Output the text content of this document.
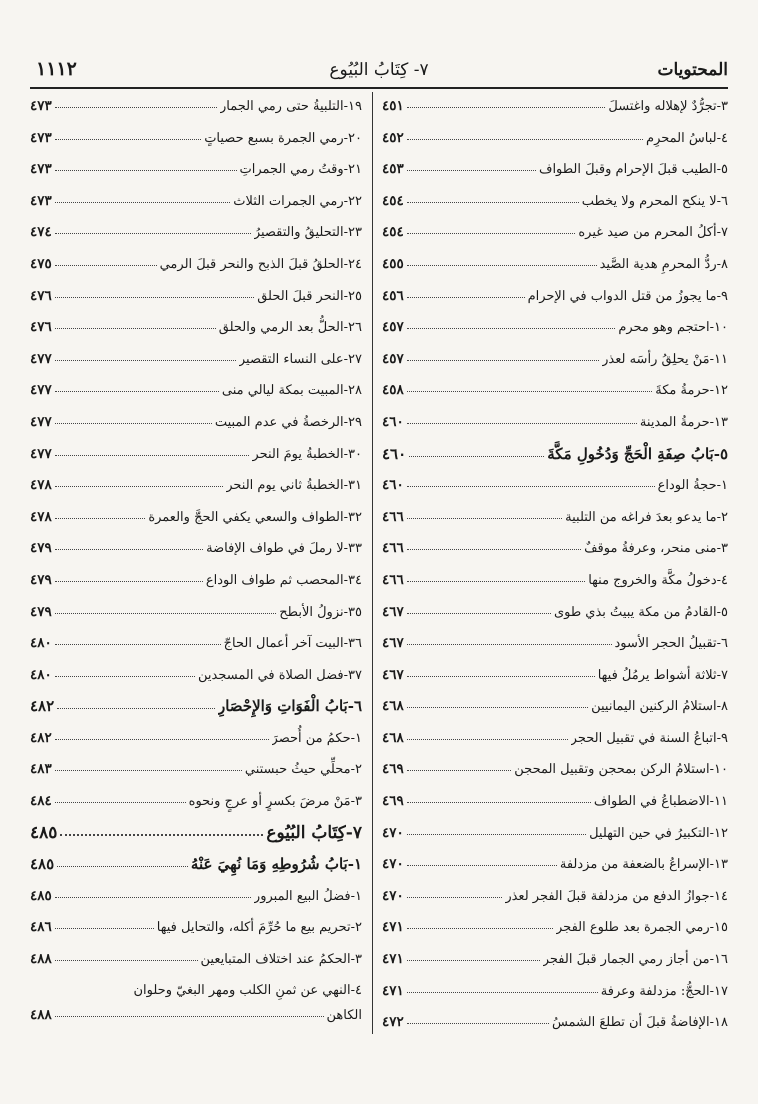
المحتويات
٧- كِتَابُ البُيُوع
١١١٢
٣-
تجرُّدٌ لإهلاله واغتسلَ
٤٥١
٤-
لباسُ المحرِم
٤٥٢
٥-
الطيب قبلَ الإحرام وقبلَ الطواف
٤٥٣
٦-
لا ينكح المحرم ولا يخطب
٤٥٤
٧-
أكلُ المحرم من صيد غيره
٤٥٤
٨-
ردُّ المحرمِ هدية الصَّيد
٤٥٥
٩-
ما يجوزُ من قتل الدواب في الإحرام
٤٥٦
١٠-
احتجم وهو محرم
٤٥٧
١١-
مَنْ يحلِقُ رأسَه لعذر
٤٥٧
١٢-
حرمةُ مكةَ
٤٥٨
١٣-
حرمةُ المدينة
٤٦٠
٥-
بَابُ صِفَةِ الْحَجِّ وَدُخُولِ مَكَّةَ
٤٦٠
١-
حجةُ الوداع
٤٦٠
٢-
ما يدعو بعدَ فراغه من التلبية
٤٦٦
٣-
منى منحر، وعرفةُ موقفٌ
٤٦٦
٤-
دخولُ مكَّة والخروج منها
٤٦٦
٥-
القادمُ من مكة يبيتُ بذي طوى
٤٦٧
٦-
تقبيلُ الحجر الأسود
٤٦٧
٧-
ثلاثة أشواط يرمُلُ فيها
٤٦٧
٨-
استلامُ الركنين اليمانيين
٤٦٨
٩-
اتباعُ السنة في تقبيل الحجر
٤٦٨
١٠-
استلامُ الركن بمحجن وتقبيل المحجن
٤٦٩
١١-
الاضطباعُ في الطواف
٤٦٩
١٢-
التكبيرُ في حين التهليل
٤٧٠
١٣-
الإسراعُ بالضعفة من مزدلفة
٤٧٠
١٤-
جوازُ الدفع من مزدلفة قبلَ الفجر لعذر
٤٧٠
١٥-
رمي الجمرة بعد طلوع الفجر
٤٧١
١٦-
من أجاز رمي الجمار قبلَ الفجر
٤٧١
١٧-
الحجُّ: مزدلفة وعرفة
٤٧١
١٨-
الإفاضةُ قبلَ أن تطلعَ الشمسُ
٤٧٢
١٩-
التلبيةُ حتى رمي الجمار
٤٧٣
٢٠-
رمي الجمرة بسبع حصياتٍ
٤٧٣
٢١-
وقتُ رمي الجمراتِ
٤٧٣
٢٢-
رمي الجمرات الثلاث
٤٧٣
٢٣-
التحليقُ والتقصيرُ
٤٧٤
٢٤-
الحلقُ قبلَ الذبح والنحر قبلَ الرمي
٤٧٥
٢٥-
النحر قبلَ الحلق
٤٧٦
٢٦-
الحلُّ بعد الرمي والحلق
٤٧٦
٢٧-
على النساء التقصير
٤٧٧
٢٨-
المبيت بمكة ليالي منى
٤٧٧
٢٩-
الرخصةُ في عدم المبيت
٤٧٧
٣٠-
الخطبةُ يومَ النحر
٤٧٧
٣١-
الخطبةُ ثاني يوم النحر
٤٧٨
٣٢-
الطواف والسعي يكفي الحجَّ والعمرة
٤٧٨
٣٣-
لا رملَ في طواف الإفاضة
٤٧٩
٣٤-
المحصب ثم طواف الوداع
٤٧٩
٣٥-
نزولُ الأبطح
٤٧٩
٣٦-
البيت آخر أعمال الحاجّ
٤٨٠
٣٧-
فضل الصلاة في المسجدين
٤٨٠
٦-
بَابُ الْفَوَاتِ وَالإِحْصَارِ
٤٨٢
١-
حكمُ من أُحصرَ
٤٨٢
٢-
محلِّي حيثُ حبستني
٤٨٣
٣-
مَنْ مرضَ بكسرٍ أو عرجٍ ونحوه
٤٨٤
٧-
كِتَابُ البُيُوع
٤٨٥
١-
بَابُ شُرُوطِهِ وَمَا نُهِيَ عَنْهُ
٤٨٥
١-
فضلُ البيع المبرور
٤٨٥
٢-
تحريم بيع ما حُرِّمَ أكله، والتحايل فيها
٤٨٦
٣-
الحكمُ عند اختلاف المتبايعين
٤٨٨
٤-
النهي عن ثمنِ الكلب ومهر البغيّ وحلوان
الكاهن
٤٨٨
